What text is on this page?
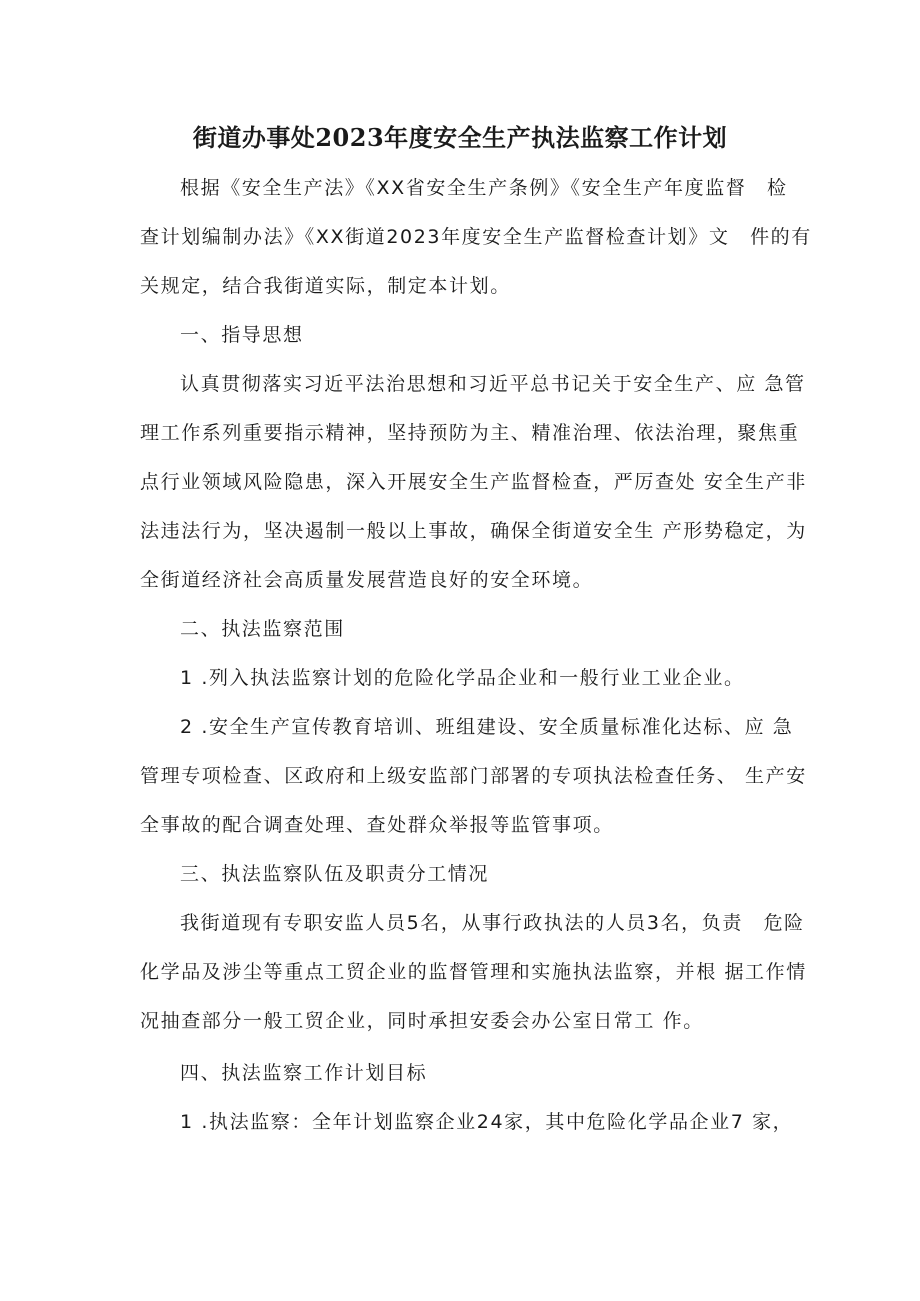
街道办事处2023年度安全生产执法监察工作计划
根据《安全生产法》《XX省安全生产条例》《安全生产年度监督　检
查计划编制办法》《XX街道2023年度安全生产监督检查计划》文　件的有
关规定，结合我街道实际，制定本计划。
一、指导思想
认真贯彻落实习近平法治思想和习近平总书记关于安全生产、应 急管
理工作系列重要指示精神，坚持预防为主、精准治理、依法治理，聚焦重
点行业领域风险隐患，深入开展安全生产监督检查，严厉查处 安全生产非
法违法行为，坚决遏制一般以上事故，确保全街道安全生 产形势稳定，为
全街道经济社会高质量发展营造良好的安全环境。
二、执法监察范围
1 .列入执法监察计划的危险化学品企业和一般行业工业企业。
2 .安全生产宣传教育培训、班组建设、安全质量标准化达标、应 急
管理专项检查、区政府和上级安监部门部署的专项执法检查任务、 生产安
全事故的配合调查处理、查处群众举报等监管事项。
三、执法监察队伍及职责分工情况
我街道现有专职安监人员5名，从事行政执法的人员3名，负责　危险
化学品及涉尘等重点工贸企业的监督管理和实施执法监察，并根 据工作情
况抽查部分一般工贸企业，同时承担安委会办公室日常工 作。
四、执法监察工作计划目标
1 .执法监察：全年计划监察企业24家，其中危险化学品企业7 家，
